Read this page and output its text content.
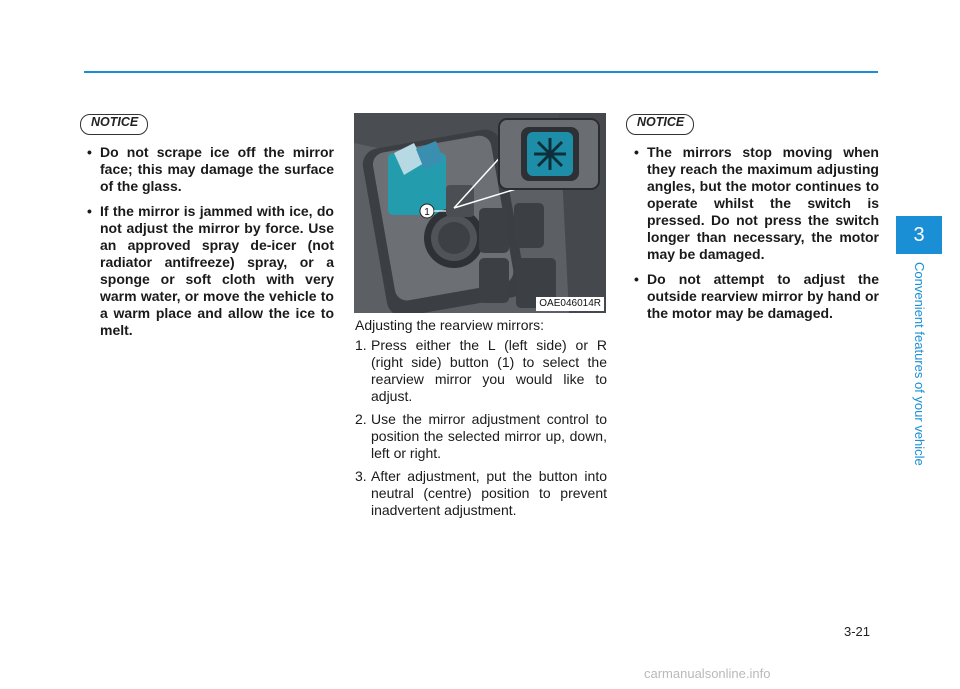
NOTICE
• Do not scrape ice off the mirror face; this may damage the surface of the glass.
• If the mirror is jammed with ice, do not adjust the mirror by force. Use an approved spray de-icer (not radiator antifreeze) spray, or a sponge or soft cloth with very warm water, or move the vehicle to a warm place and allow the ice to melt.
1
OAE046014R
Adjusting the rearview mirrors:
1. Press either the L (left side) or R (right side) button (1) to select the rearview mirror you would like to adjust.
2. Use the mirror adjustment control to position the selected mirror up, down, left or right.
3. After adjustment, put the button into neutral (centre) position to prevent inadvertent adjustment.
NOTICE
• The mirrors stop moving when they reach the maximum adjusting angles, but the motor continues to operate whilst the switch is pressed. Do not press the switch longer than necessary, the motor may be damaged.
• Do not attempt to adjust the outside rearview mirror by hand or the motor may be damaged.
3
Convenient features of your vehicle
3-21
carmanualsonline.info
